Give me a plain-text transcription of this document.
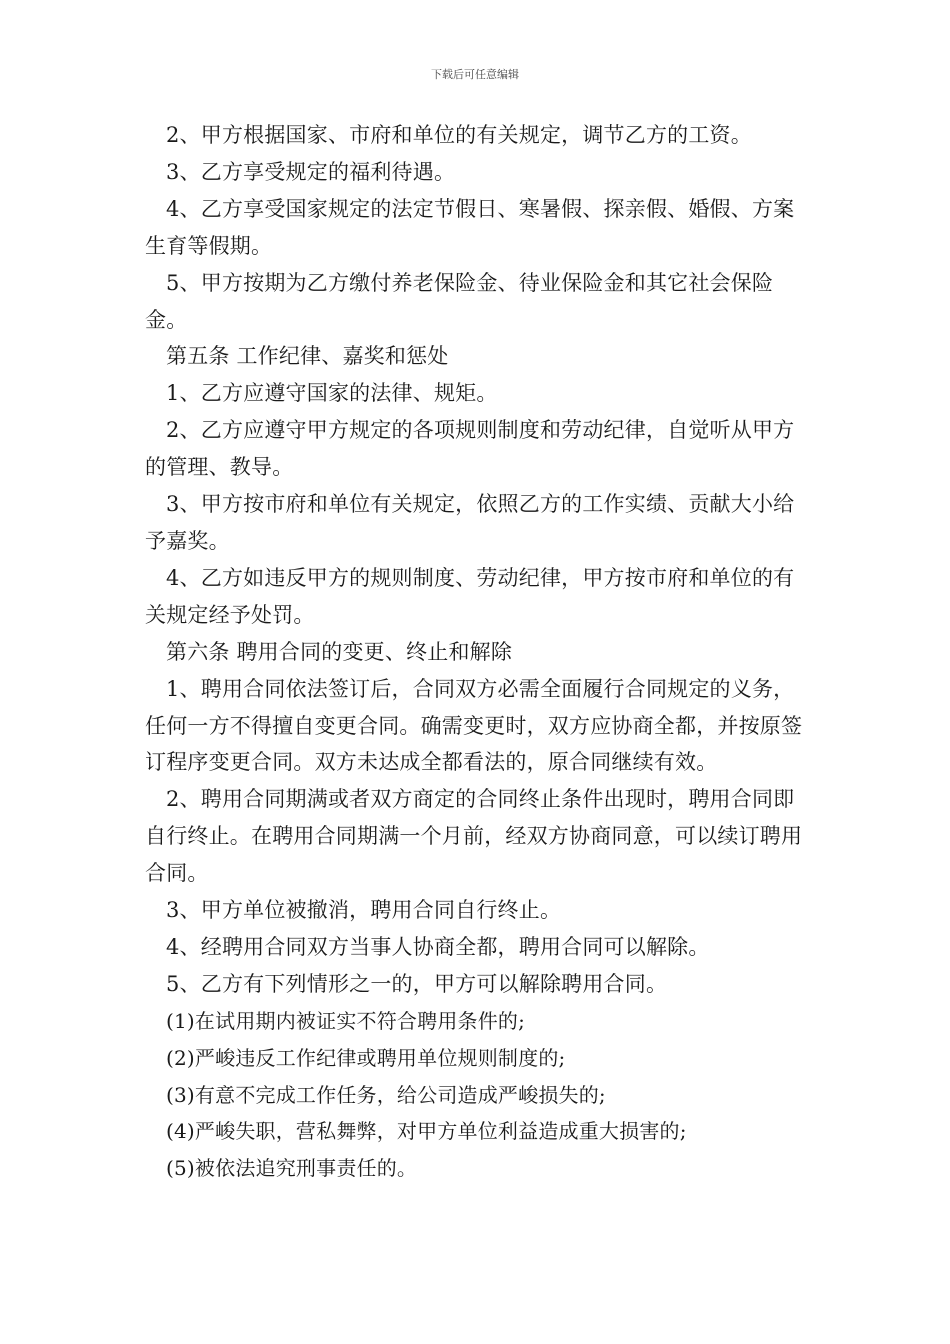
下载后可任意编辑

2、甲方根据国家、市府和单位的有关规定，调节乙方的工资。

3、乙方享受规定的福利待遇。

4、乙方享受国家规定的法定节假日、寒暑假、探亲假、婚假、方案生育等假期。

5、甲方按期为乙方缴付养老保险金、待业保险金和其它社会保险金。

第五条 工作纪律、嘉奖和惩处

1、乙方应遵守国家的法律、规矩。

2、乙方应遵守甲方规定的各项规则制度和劳动纪律，自觉听从甲方的管理、教导。

3、甲方按市府和单位有关规定，依照乙方的工作实绩、贡献大小给予嘉奖。

4、乙方如违反甲方的规则制度、劳动纪律，甲方按市府和单位的有关规定经予处罚。

第六条 聘用合同的变更、终止和解除

1、聘用合同依法签订后，合同双方必需全面履行合同规定的义务，任何一方不得擅自变更合同。确需变更时，双方应协商全都，并按原签订程序变更合同。双方未达成全都看法的，原合同继续有效。

2、聘用合同期满或者双方商定的合同终止条件出现时，聘用合同即自行终止。在聘用合同期满一个月前，经双方协商同意，可以续订聘用合同。

3、甲方单位被撤消，聘用合同自行终止。

4、经聘用合同双方当事人协商全都，聘用合同可以解除。

5、乙方有下列情形之一的，甲方可以解除聘用合同。

(1)在试用期内被证实不符合聘用条件的;

(2)严峻违反工作纪律或聘用单位规则制度的;

(3)有意不完成工作任务，给公司造成严峻损失的;

(4)严峻失职，营私舞弊，对甲方单位利益造成重大损害的;

(5)被依法追究刑事责任的。
